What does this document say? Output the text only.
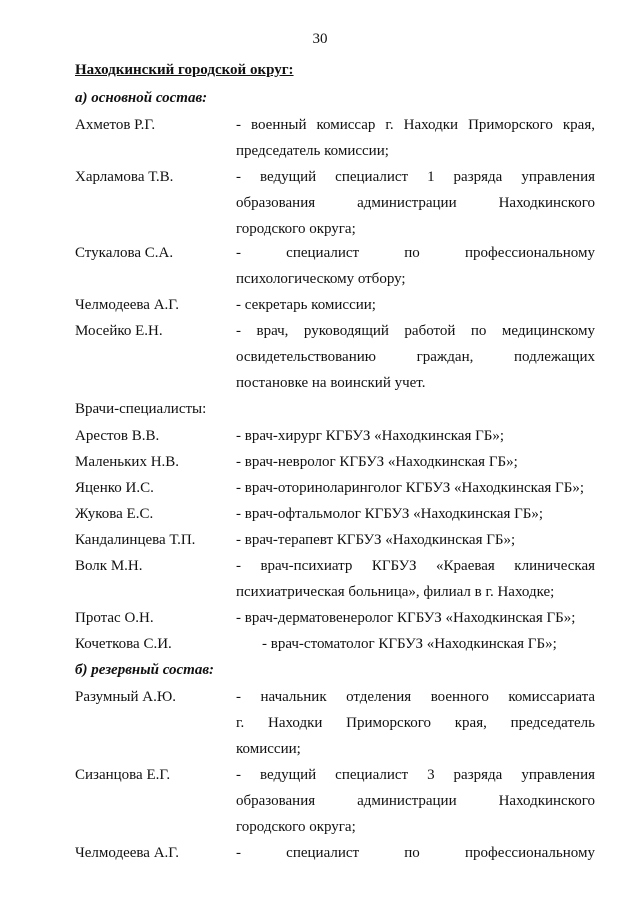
30
Находкинский городской округ:
а) основной состав:
Ахметов Р.Г.	- военный комиссар г. Находки Приморского края,
председатель комиссии;
Харламова Т.В.	- ведущий специалист 1 разряда управления
образования администрации Находкинского
городского округа;
Стукалова С.А.	- специалист по профессиональному
психологическому отбору;
Челмодеева А.Г.	- секретарь комиссии;
Мосейко Е.Н.	- врач, руководящий работой по медицинскому
освидетельствованию граждан, подлежащих
постановке на воинский учет.
Врачи-специалисты:
Арестов В.В.	- врач-хирург КГБУЗ «Находкинская ГБ»;
Маленьких Н.В.	- врач-невролог КГБУЗ «Находкинская ГБ»;
Яценко И.С.	- врач-оториноларинголог КГБУЗ «Находкинская ГБ»;
Жукова Е.С.	- врач-офтальмолог КГБУЗ «Находкинская ГБ»;
Кандалинцева Т.П.	- врач-терапевт КГБУЗ «Находкинская ГБ»;
Волк М.Н.	- врач-психиатр КГБУЗ «Краевая клиническая
психиатрическая больница», филиал в г. Находке;
Протас О.Н.	- врач-дерматовенеролог КГБУЗ «Находкинская ГБ»;
Кочеткова С.И.	- врач-стоматолог КГБУЗ «Находкинская ГБ»;
б) резервный состав:
Разумный А.Ю.	- начальник отделения военного комиссариата
г. Находки Приморского края, председатель
комиссии;
Сизанцова Е.Г.	- ведущий специалист 3 разряда управления
образования администрации Находкинского
городского округа;
Челмодеева А.Г.	- специалист по профессиональному
